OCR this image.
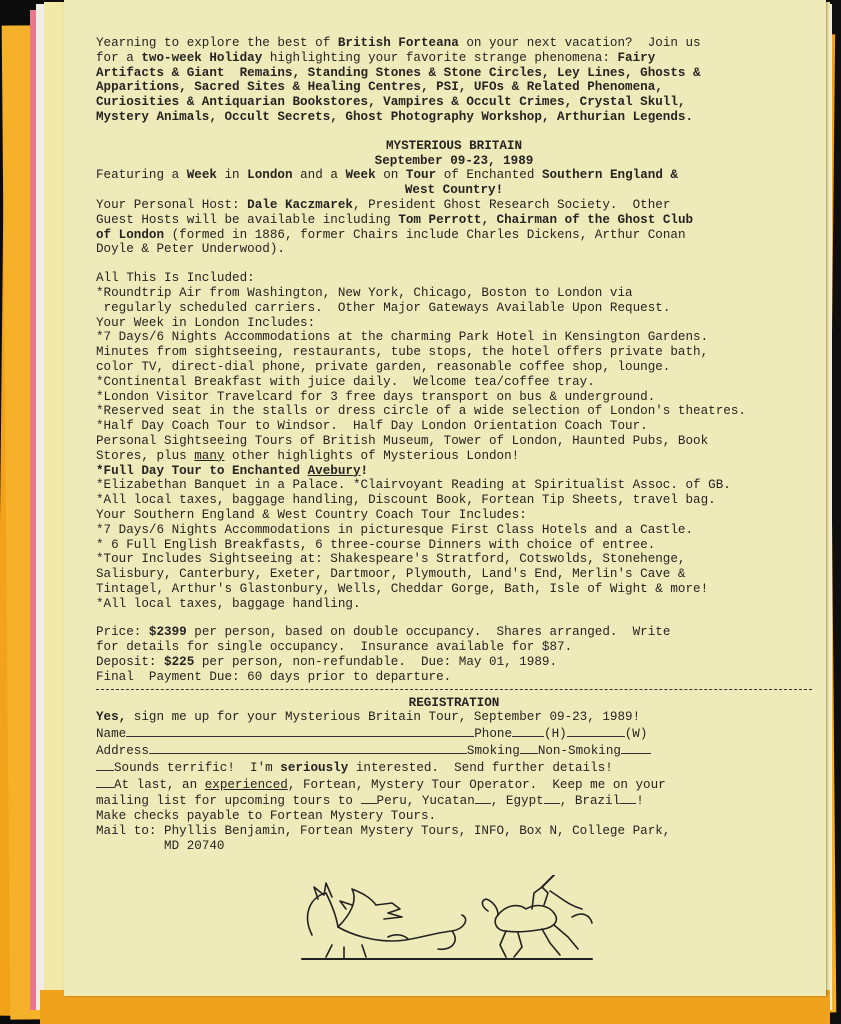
Yearning to explore the best of British Forteana on your next vacation?  Join us

for a two-week Holiday highlighting your favorite strange phenomena: Fairy

Artifacts & Giant  Remains, Standing Stones & Stone Circles, Ley Lines, Ghosts &

Apparitions, Sacred Sites & Healing Centres, PSI, UFOs & Related Phenomena,

Curiosities & Antiquarian Bookstores, Vampires & Occult Crimes, Crystal Skull,

Mystery Animals, Occult Secrets, Ghost Photography Workshop, Arthurian Legends.

MYSTERIOUS BRITAIN

September 09-23, 1989

Featuring a Week in London and a Week on Tour of Enchanted Southern England &

West Country!

Your Personal Host: Dale Kaczmarek, President Ghost Research Society.  Other

Guest Hosts will be available including Tom Perrott, Chairman of the Ghost Club

of London (formed in 1886, former Chairs include Charles Dickens, Arthur Conan

Doyle & Peter Underwood).

All This Is Included:

*Roundtrip Air from Washington, New York, Chicago, Boston to London via

regularly scheduled carriers.  Other Major Gateways Available Upon Request.

Your Week in London Includes:

*7 Days/6 Nights Accommodations at the charming Park Hotel in Kensington Gardens.

Minutes from sightseeing, restaurants, tube stops, the hotel offers private bath,

color TV, direct-dial phone, private garden, reasonable coffee shop, lounge.

*Continental Breakfast with juice daily.  Welcome tea/coffee tray.

*London Visitor Travelcard for 3 free days transport on bus & underground.

*Reserved seat in the stalls or dress circle of a wide selection of London's theatres.

*Half Day Coach Tour to Windsor.  Half Day London Orientation Coach Tour.

Personal Sightseeing Tours of British Museum, Tower of London, Haunted Pubs, Book

Stores, plus many other highlights of Mysterious London!

*Full Day Tour to Enchanted Avebury!

*Elizabethan Banquet in a Palace. *Clairvoyant Reading at Spiritualist Assoc. of GB.

*All local taxes, baggage handling, Discount Book, Fortean Tip Sheets, travel bag.

Your Southern England & West Country Coach Tour Includes:

*7 Days/6 Nights Accommodations in picturesque First Class Hotels and a Castle.

* 6 Full English Breakfasts, 6 three-course Dinners with choice of entree.

*Tour Includes Sightseeing at: Shakespeare's Stratford, Cotswolds, Stonehenge,

Salisbury, Canterbury, Exeter, Dartmoor, Plymouth, Land's End, Merlin's Cave &

Tintagel, Arthur's Glastonbury, Wells, Cheddar Gorge, Bath, Isle of Wight & more!

*All local taxes, baggage handling.

Price: $2399 per person, based on double occupancy.  Shares arranged.  Write

for details for single occupancy.  Insurance available for $87.

Deposit: $225 per person, non-refundable.  Due: May 01, 1989.

Final  Payment Due: 60 days prior to departure.

REGISTRATION

Yes, sign me up for your Mysterious Britain Tour, September 09-23, 1989!

Name	Phone	(H)	(W)

Address	Smoking Non-Smoking

Sounds terrific!  I'm seriously interested.  Send further details!

At last, an experienced, Fortean, Mystery Tour Operator.  Keep me on your

mailing list for upcoming tours to Peru, Yucatan , Egypt , Brazil !

Make checks payable to Fortean Mystery Tours.

Mail to: Phyllis Benjamin, Fortean Mystery Tours, INFO, Box N, College Park,

MD 20740
